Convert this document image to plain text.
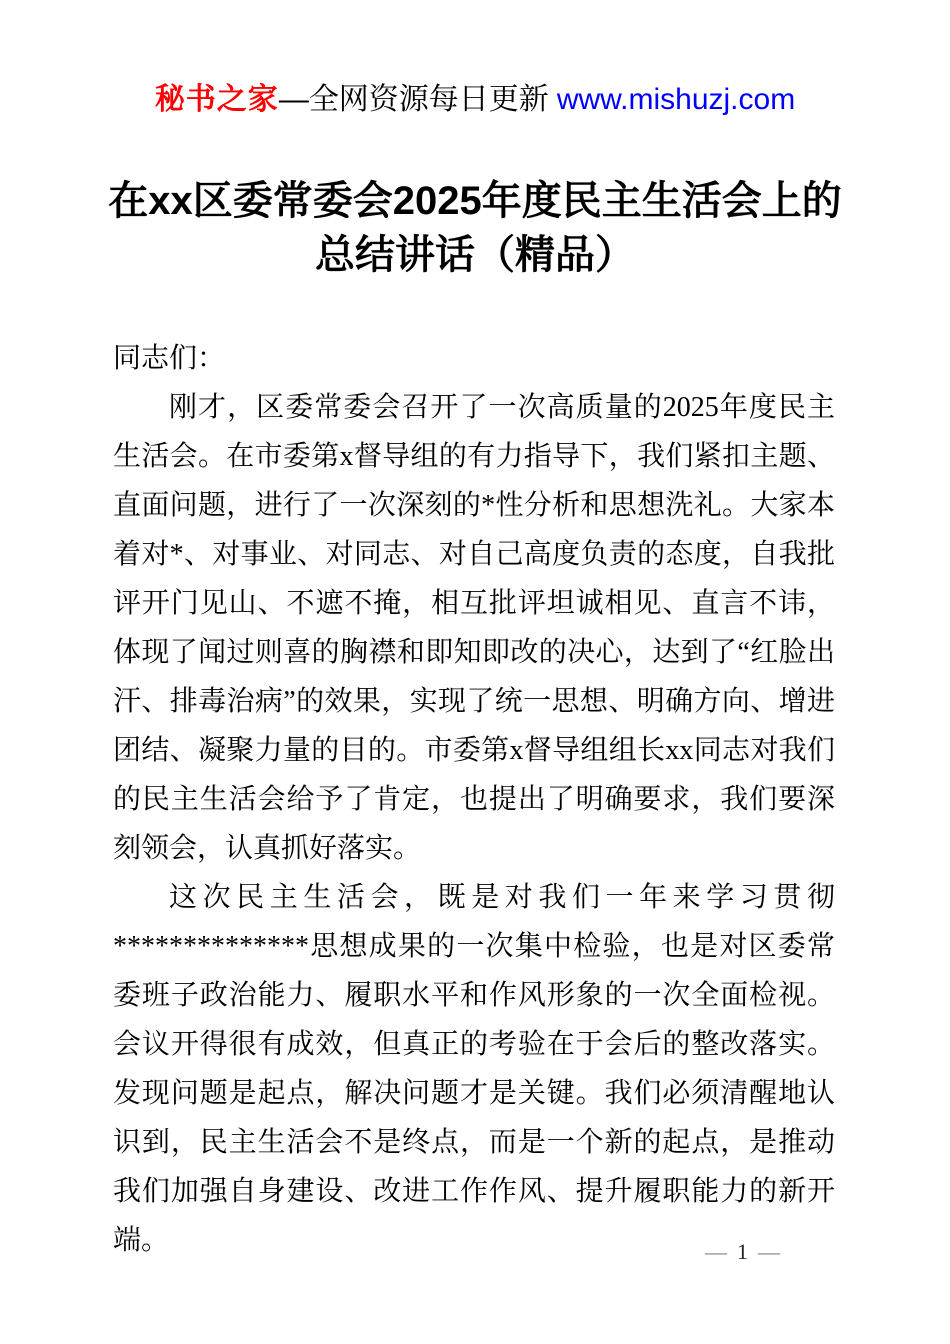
秘书之家—全网资源每日更新 www.mishuzj.com
在xx区委常委会2025年度民主生活会上的
总结讲话（精品）

同志们：

刚才，区委常委会召开了一次高质量的2025年度民主生活会。在市委第x督导组的有力指导下，我们紧扣主题、直面问题，进行了一次深刻的*性分析和思想洗礼。大家本着对*、对事业、对同志、对自己高度负责的态度，自我批评开门见山、不遮不掩，相互批评坦诚相见、直言不讳，体现了闻过则喜的胸襟和即知即改的决心，达到了“红脸出汗、排毒治病”的效果，实现了统一思想、明确方向、增进团结、凝聚力量的目的。市委第x督导组组长xx同志对我们的民主生活会给予了肯定，也提出了明确要求，我们要深刻领会，认真抓好落实。

这次民主生活会，既是对我们一年来学习贯彻**************思想成果的一次集中检验，也是对区委常委班子政治能力、履职水平和作风形象的一次全面检视。会议开得很有成效，但真正的考验在于会后的整改落实。发现问题是起点，解决问题才是关键。我们必须清醒地认识到，民主生活会不是终点，而是一个新的起点，是推动我们加强自身建设、改进工作作风、提升履职能力的新开端。	— 1 —
